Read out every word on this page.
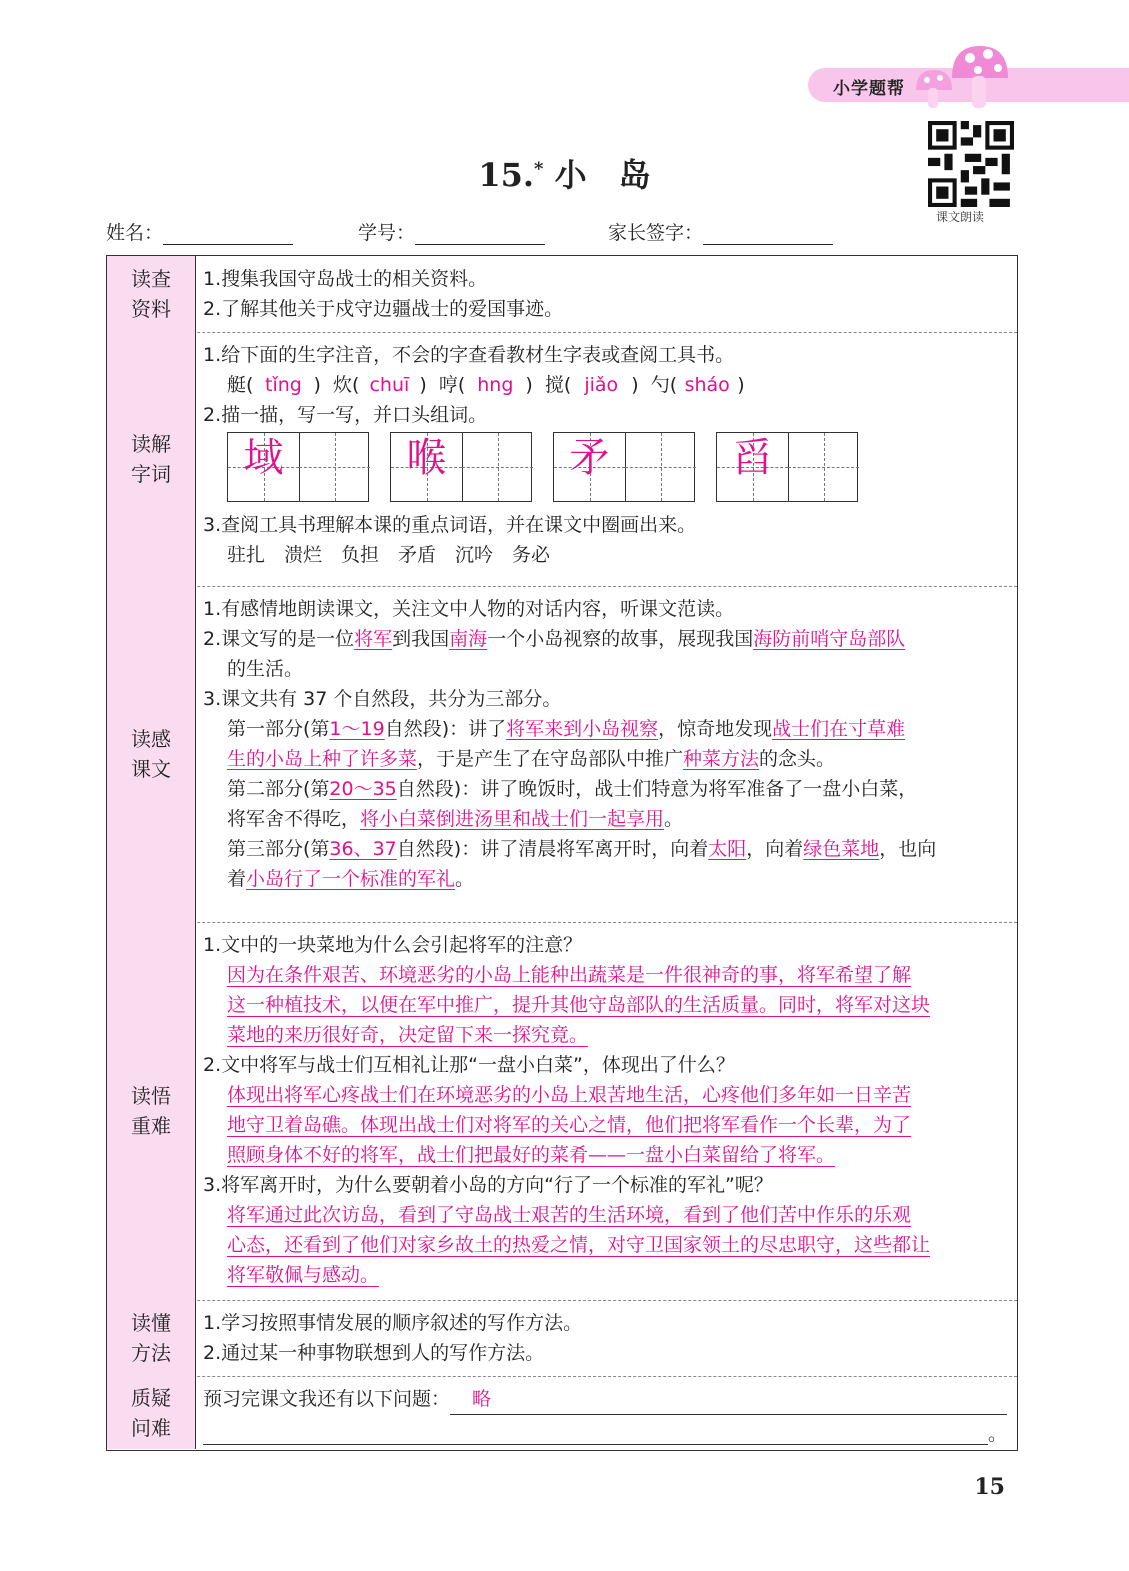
小学题帮
课文朗读
15.* 小　岛
姓名：	学号：	家长签字：
读查
资料
1.搜集我国守岛战士的相关资料。
2.了解其他关于戍守边疆战士的爱国事迹。
读解
字词
1.给下面的生字注音，不会的字查看教材生字表或查阅工具书。
艇( tǐng )  炊( chuī )  哼( hng )  搅( jiǎo )  勺( sháo )
2.描一描，写一写，并口头组词。
域	喉	矛	舀
3.查阅工具书理解本课的重点词语，并在课文中圈画出来。
驻扎　溃烂　负担　矛盾　沉吟　务必
读感
课文
1.有感情地朗读课文，关注文中人物的对话内容，听课文范读。
2.课文写的是一位将军到我国南海一个小岛视察的故事，展现我国海防前哨守岛部队
的生活。
3.课文共有 37 个自然段，共分为三部分。
第一部分(第1～19自然段)：讲了将军来到小岛视察，惊奇地发现战士们在寸草难
生的小岛上种了许多菜，于是产生了在守岛部队中推广种菜方法的念头。
第二部分(第20～35自然段)：讲了晚饭时，战士们特意为将军准备了一盘小白菜，
将军舍不得吃，将小白菜倒进汤里和战士们一起享用。
第三部分(第36、37自然段)：讲了清晨将军离开时，向着太阳，向着绿色菜地，也向
着小岛行了一个标准的军礼。
读悟
重难
1.文中的一块菜地为什么会引起将军的注意？
因为在条件艰苦、环境恶劣的小岛上能种出蔬菜是一件很神奇的事，将军希望了解
这一种植技术，以便在军中推广，提升其他守岛部队的生活质量。同时，将军对这块
菜地的来历很好奇，决定留下来一探究竟。
2.文中将军与战士们互相礼让那“一盘小白菜”，体现出了什么？
体现出将军心疼战士们在环境恶劣的小岛上艰苦地生活，心疼他们多年如一日辛苦
地守卫着岛礁。体现出战士们对将军的关心之情，他们把将军看作一个长辈，为了
照顾身体不好的将军，战士们把最好的菜肴——一盘小白菜留给了将军。
3.将军离开时，为什么要朝着小岛的方向“行了一个标准的军礼”呢？
将军通过此次访岛，看到了守岛战士艰苦的生活环境，看到了他们苦中作乐的乐观
心态，还看到了他们对家乡故土的热爱之情，对守卫国家领土的尽忠职守，这些都让
将军敬佩与感动。
读懂
方法
1.学习按照事情发展的顺序叙述的写作方法。
2.通过某一种事物联想到人的写作方法。
质疑
问难
预习完课文我还有以下问题：	略
。
15
